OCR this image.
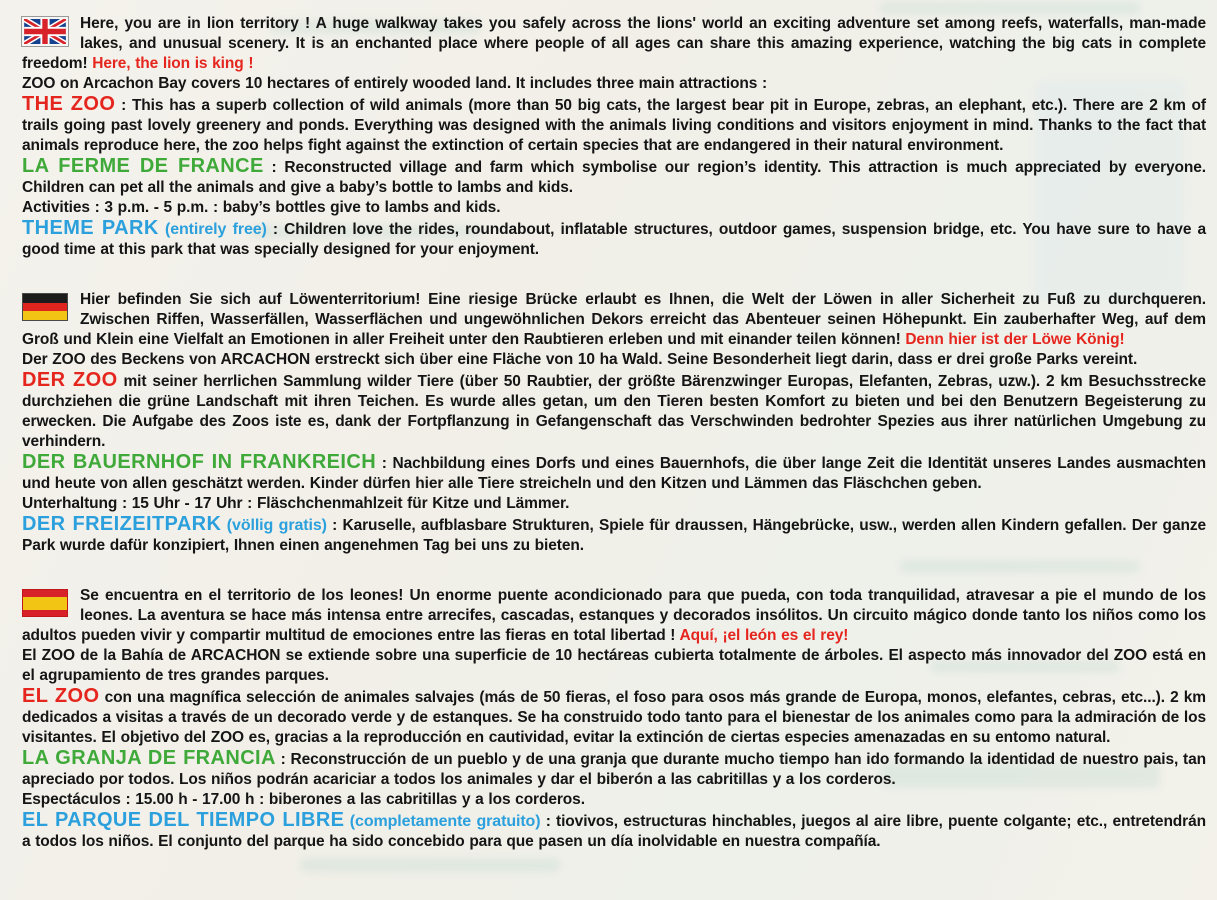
Here, you are in lion territory ! A huge walkway takes you safely across the lions' world an exciting adventure set among reefs, waterfalls, man-made lakes, and unusual scenery. It is an enchanted place where people of all ages can share this amazing experience, watching the big cats in complete freedom! Here, the lion is king !

ZOO on Arcachon Bay covers 10 hectares of entirely wooded land. It includes three main attractions :

THE ZOO : This has a superb collection of wild animals (more than 50 big cats, the largest bear pit in Europe, zebras, an elephant, etc.). There are 2 km of trails going past lovely greenery and ponds. Everything was designed with the animals living conditions and visitors enjoyment in mind. Thanks to the fact that animals reproduce here, the zoo helps fight against the extinction of certain species that are endangered in their natural environment.

LA FERME DE FRANCE : Reconstructed village and farm which symbolise our region’s identity. This attraction is much appreciated by everyone. Children can pet all the animals and give a baby’s bottle to lambs and kids.

Activities : 3 p.m. - 5 p.m. : baby’s bottles give to lambs and kids.

THEME PARK (entirely free) : Children love the rides, roundabout, inflatable structures, outdoor games, suspension bridge, etc. You have sure to have a good time at this park that was specially designed for your enjoyment.

Hier befinden Sie sich auf Löwenterritorium! Eine riesige Brücke erlaubt es Ihnen, die Welt der Löwen in aller Sicherheit zu Fuß zu durchqueren. Zwischen Riffen, Wasserfällen, Wasserflächen und ungewöhnlichen Dekors erreicht das Abenteuer seinen Höhepunkt. Ein zauberhafter Weg, auf dem Groß und Klein eine Vielfalt an Emotionen in aller Freiheit unter den Raubtieren erleben und mit einander teilen können! Denn hier ist der Löwe König!

Der ZOO des Beckens von ARCACHON erstreckt sich über eine Fläche von 10 ha Wald. Seine Besonderheit liegt darin, dass er drei große Parks vereint.

DER ZOO mit seiner herrlichen Sammlung wilder Tiere (über 50 Raubtier, der größte Bärenzwinger Europas, Elefanten, Zebras, uzw.). 2 km Besuchsstrecke durchziehen die grüne Landschaft mit ihren Teichen. Es wurde alles getan, um den Tieren besten Komfort zu bieten und bei den Benutzern Begeisterung zu erwecken. Die Aufgabe des Zoos iste es, dank der Fortpflanzung in Gefangenschaft das Verschwinden bedrohter Spezies aus ihrer natürlichen Umgebung zu verhindern.

DER BAUERNHOF IN FRANKREICH : Nachbildung eines Dorfs und eines Bauernhofs, die über lange Zeit die Identität unseres Landes ausmachten und heute von allen geschätzt werden. Kinder dürfen hier alle Tiere streicheln und den Kitzen und Lämmen das Fläschchen geben.

Unterhaltung : 15 Uhr - 17 Uhr : Fläschchenmahlzeit für Kitze und Lämmer.

DER FREIZEITPARK (völlig gratis) : Karuselle, aufblasbare Strukturen, Spiele für draussen, Hängebrücke, usw., werden allen Kindern gefallen. Der ganze Park wurde dafür konzipiert, Ihnen einen angenehmen Tag bei uns zu bieten.

Se encuentra en el territorio de los leones! Un enorme puente acondicionado para que pueda, con toda tranquilidad, atravesar a pie el mundo de los leones. La aventura se hace más intensa entre arrecifes, cascadas, estanques y decorados insólitos. Un circuito mágico donde tanto los niños como los adultos pueden vivir y compartir multitud de emociones entre las fieras en total libertad ! Aquí, ¡el león es el rey!

El ZOO de la Bahía de ARCACHON se extiende sobre una superficie de 10 hectáreas cubierta totalmente de árboles. El aspecto más innovador del ZOO está en el agrupamiento de tres grandes parques.

EL ZOO con una magnífica selección de animales salvajes (más de 50 fieras, el foso para osos más grande de Europa, monos, elefantes, cebras, etc...). 2 km dedicados a visitas a través de un decorado verde y de estanques. Se ha construido todo tanto para el bienestar de los animales como para la admiración de los visitantes. El objetivo del ZOO es, gracias a la reproducción en cautividad, evitar la extinción de ciertas especies amenazadas en su entomo natural.

LA GRANJA DE FRANCIA : Reconstrucción de un pueblo y de una granja que durante mucho tiempo han ido formando la identidad de nuestro pais, tan apreciado por todos. Los niños podrán acariciar a todos los animales y dar el biberón a las cabritillas y a los corderos.

Espectáculos : 15.00 h - 17.00 h : biberones a las cabritillas y a los corderos.

EL PARQUE DEL TIEMPO LIBRE (completamente gratuito) : tiovivos, estructuras hinchables, juegos al aire libre, puente colgante; etc., entretendrán a todos los niños. El conjunto del parque ha sido concebido para que pasen un día inolvidable en nuestra compañía.
